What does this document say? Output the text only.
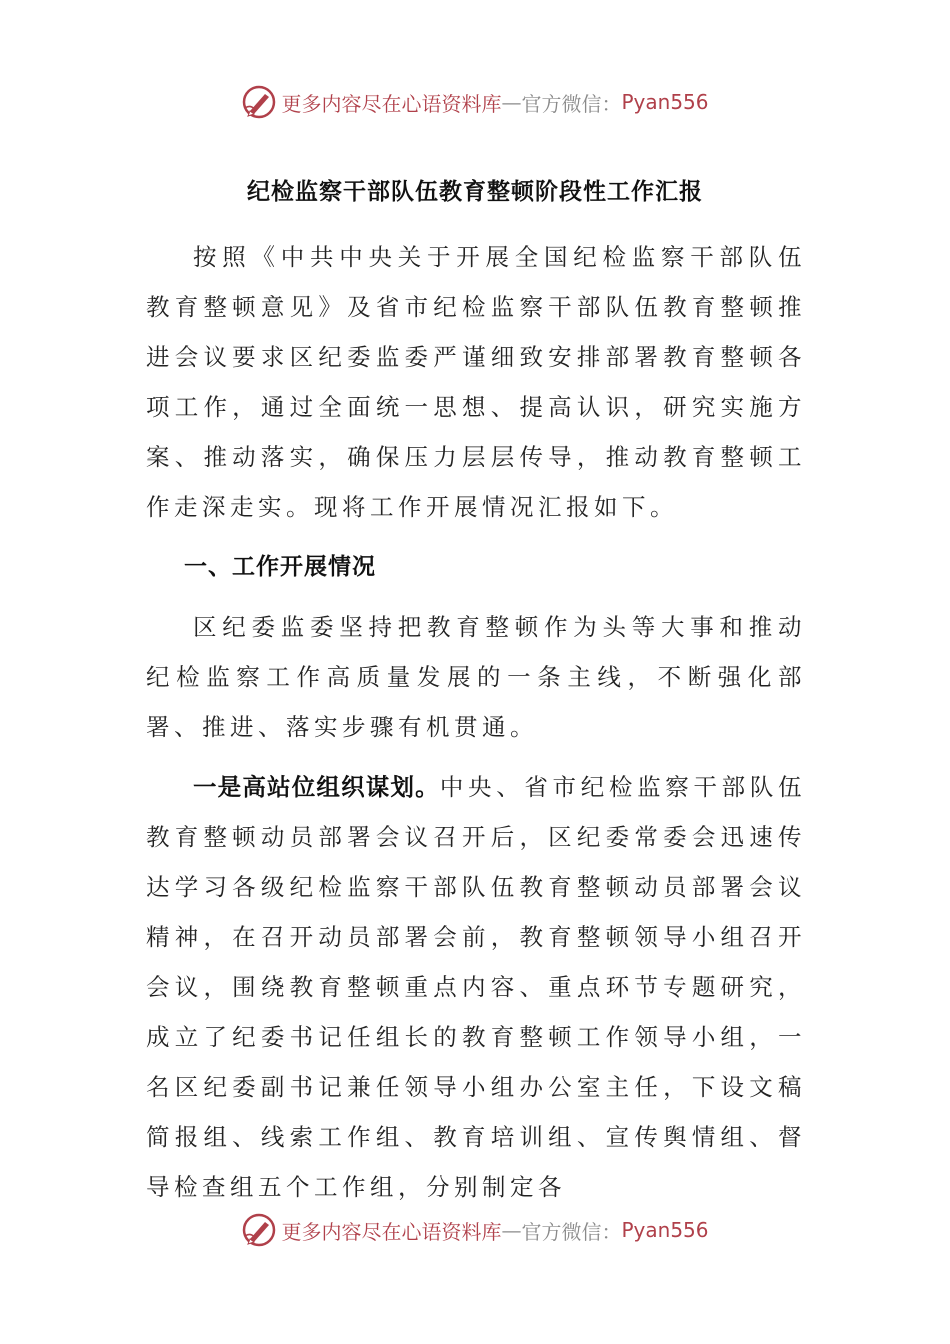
更多内容尽在心语资料库 — 官方微信： Pyan556
纪检监察干部队伍教育整顿阶段性工作汇报

按照《中共中央关于开展全国纪检监察干部队伍教育整顿意见》及省市纪检监察干部队伍教育整顿推进会议要求区纪委监委严谨细致安排部署教育整顿各项工作，通过全面统一思想、提高认识，研究实施方案、推动落实，确保压力层层传导，推动教育整顿工作走深走实。现将工作开展情况汇报如下。

一、工作开展情况

区纪委监委坚持把教育整顿作为头等大事和推动纪检监察工作高质量发展的一条主线，不断强化部署、推进、落实步骤有机贯通。

一是高站位组织谋划。中央、省市纪检监察干部队伍教育整顿动员部署会议召开后，区纪委常委会迅速传达学习各级纪检监察干部队伍教育整顿动员部署会议精神，在召开动员部署会前，教育整顿领导小组召开会议，围绕教育整顿重点内容、重点环节专题研究，成立了纪委书记任组长的教育整顿工作领导小组，一名区纪委副书记兼任领导小组办公室主任，下设文稿简报组、线索工作组、教育培训组、宣传舆情组、督导检查组五个工作组，分别制定各

更多内容尽在心语资料库 — 官方微信： Pyan556
